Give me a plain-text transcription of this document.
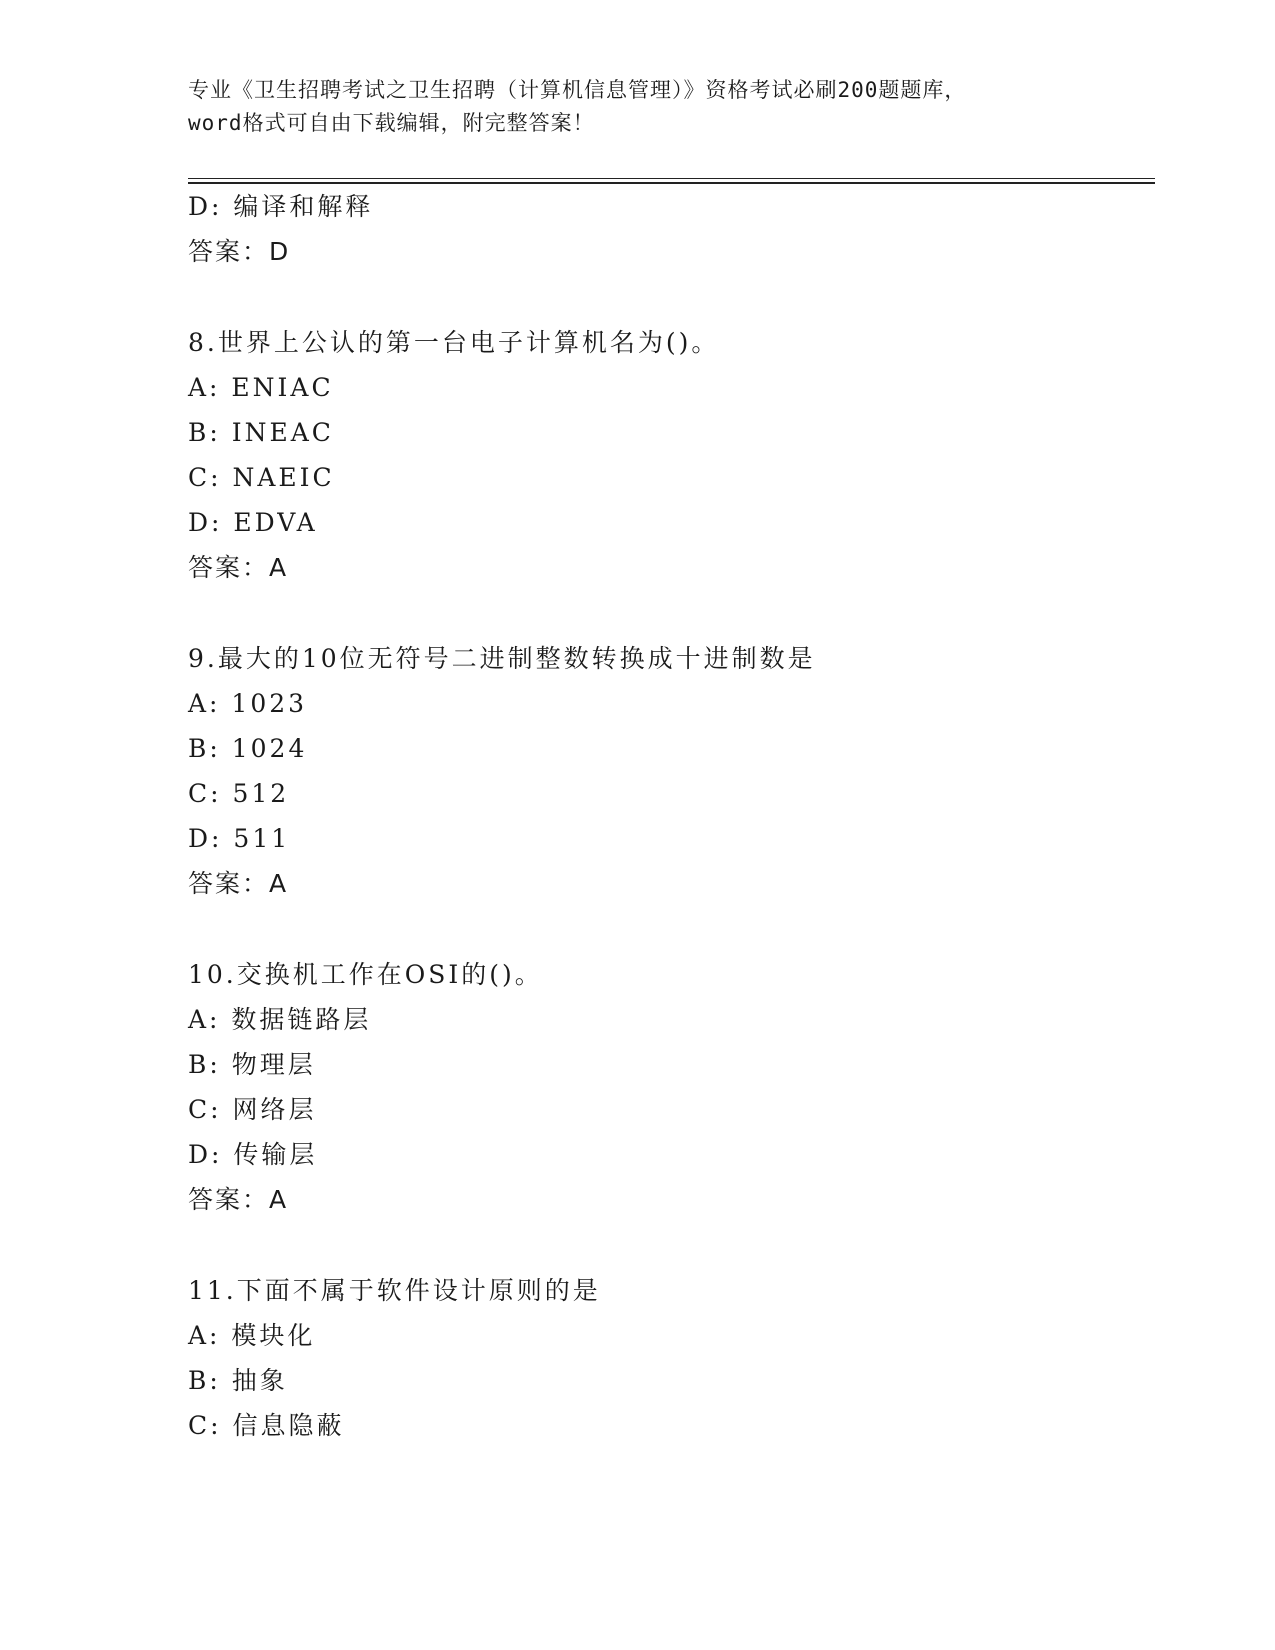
专业《卫生招聘考试之卫生招聘（计算机信息管理）》资格考试必刷200题题库，
word格式可自由下载编辑，附完整答案！
D: 编译和解释
答案：D
8.世界上公认的第一台电子计算机名为()。
A: ENIAC
B: INEAC
C: NAEIC
D: EDVA
答案：A
9.最大的10位无符号二进制整数转换成十进制数是
A: 1023
B: 1024
C: 512
D: 511
答案：A
10.交换机工作在OSI的()。
A: 数据链路层
B: 物理层
C: 网络层
D: 传输层
答案：A
11.下面不属于软件设计原则的是
A: 模块化
B: 抽象
C: 信息隐蔽
